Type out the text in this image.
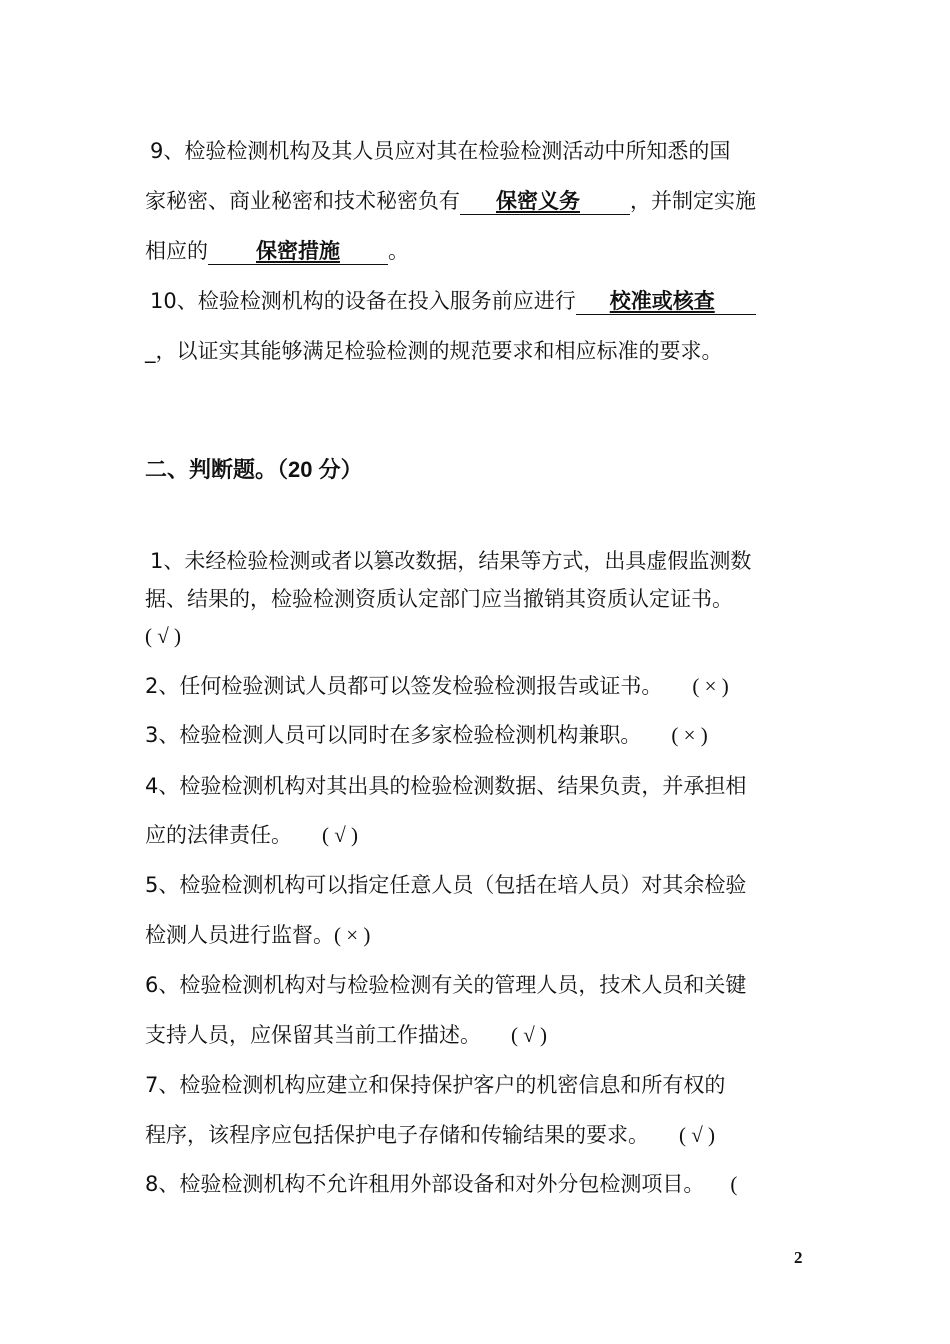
9、检验检测机构及其人员应对其在检验检测活动中所知悉的国
家秘密、商业秘密和技术秘密负有 保密义务 ，并制定实施
相应的 保密措施 。
10、检验检测机构的设备在投入服务前应进行 校准或核查
_，以证实其能够满足检验检测的规范要求和相应标准的要求。
二、判断题。（20 分）
1、未经检验检测或者以篡改数据，结果等方式，出具虚假监测数
据、结果的，检验检测资质认定部门应当撤销其资质认定证书。
( √ )
2、任何检验测试人员都可以签发检验检测报告或证书。 ( × )
3、检验检测人员可以同时在多家检验检测机构兼职。 ( × )
4、检验检测机构对其出具的检验检测数据、结果负责，并承担相
应的法律责任。 ( √ )
5、检验检测机构可以指定任意人员（包括在培人员）对其余检验
检测人员进行监督。( × )
6、检验检测机构对与检验检测有关的管理人员，技术人员和关键
支持人员，应保留其当前工作描述。 ( √ )
7、检验检测机构应建立和保持保护客户的机密信息和所有权的
程序，该程序应包括保护电子存储和传输结果的要求。 ( √ )
8、检验检测机构不允许租用外部设备和对外分包检测项目。 (
2
